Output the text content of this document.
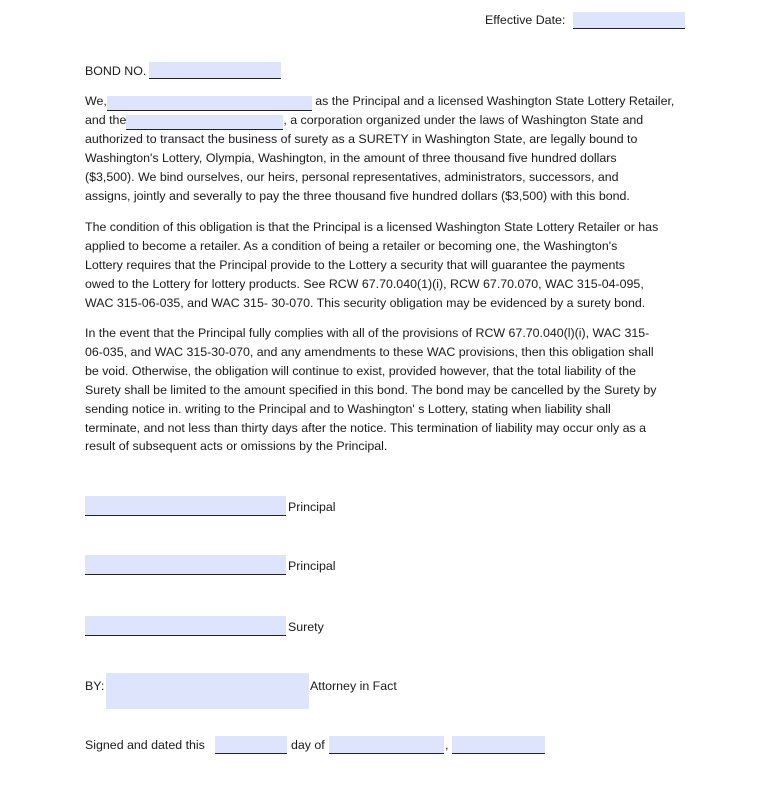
Effective Date:
BOND NO.
We,	as the Principal and a licensed Washington State Lottery Retailer,
and the	, a corporation organized under the laws of Washington State and
authorized to transact the business of surety as a SURETY in Washington State, are legally bound to
Washington's Lottery, Olympia, Washington, in the amount of three thousand five hundred dollars
($3,500). We bind ourselves, our heirs, personal representatives, administrators, successors, and
assigns, jointly and severally to pay the three thousand five hundred dollars ($3,500) with this bond.
The condition of this obligation is that the Principal is a licensed Washington State Lottery Retailer or has
applied to become a retailer. As a condition of being a retailer or becoming one, the Washington's
Lottery requires that the Principal provide to the Lottery a security that will guarantee the payments
owed to the Lottery for lottery products. See RCW 67.70.040(1)(i), RCW 67.70.070, WAC 315-04-095,
WAC 315-06-035, and WAC 315- 30-070. This security obligation may be evidenced by a surety bond.
In the event that the Principal fully complies with all of the provisions of RCW 67.70.040(l)(i), WAC 315-
06-035, and WAC 315-30-070, and any amendments to these WAC provisions, then this obligation shall
be void. Otherwise, the obligation will continue to exist, provided however, that the total liability of the
Surety shall be limited to the amount specified in this bond. The bond may be cancelled by the Surety by
sending notice in. writing to the Principal and to Washington' s Lottery, stating when liability shall
terminate, and not less than thirty days after the notice. This termination of liability may occur only as a
result of subsequent acts or omissions by the Principal.
Principal
Principal
Surety
BY:	Attorney in Fact
Signed and dated this	day of	,
